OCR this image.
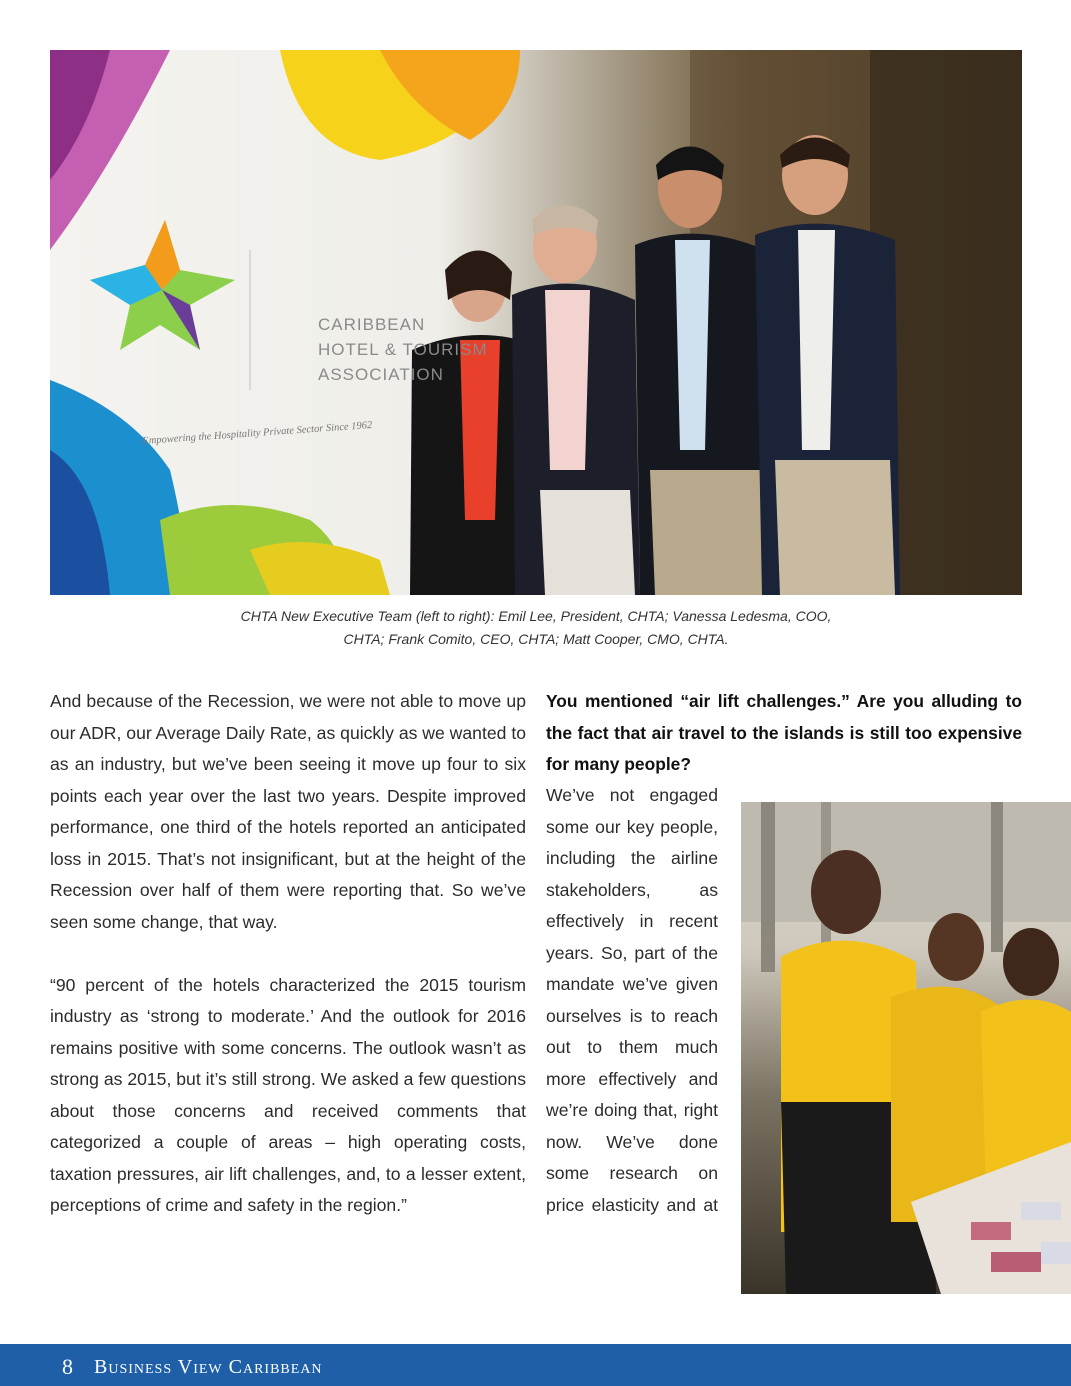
CARIBBEAN
HOTEL & TOURISM
ASSOCIATION
Empowering the Hospitality Private Sector Since 1962
CHTA New Executive Team (left to right): Emil Lee, President, CHTA; Vanessa Ledesma, COO,
CHTA; Frank Comito, CEO, CHTA; Matt Cooper, CMO, CHTA.

And because of the Recession, we were not able to move up our ADR, our Average Daily Rate, as quickly as we wanted to as an industry, but we’ve been seeing it move up four to six points each year over the last two years. Despite improved performance, one third of the hotels reported an anticipated loss in 2015. That’s not insignificant, but at the height of the Recession over half of them were reporting that. So we’ve seen some change, that way.

“90 percent of the hotels characterized the 2015 tourism industry as ‘strong to moderate.’ And the outlook for 2016 remains positive with some concerns. The outlook wasn’t as strong as 2015, but it’s still strong. We asked a few questions about those concerns and received comments that categorized a couple of areas – high operating costs, taxation pressures, air lift challenges, and, to a lesser extent, perceptions of crime and safety in the region.”

You mentioned “air lift challenges.” Are you alluding to the fact that air travel to the islands is still too expensive for many people?
We’ve not engaged some our key people, including the airline stakeholders, as effectively in recent years. So, part of the mandate we’ve given ourselves is to reach out to them much more effectively and we’re doing that, right now. We’ve done some research on price elasticity and at
8 Business View Caribbean
